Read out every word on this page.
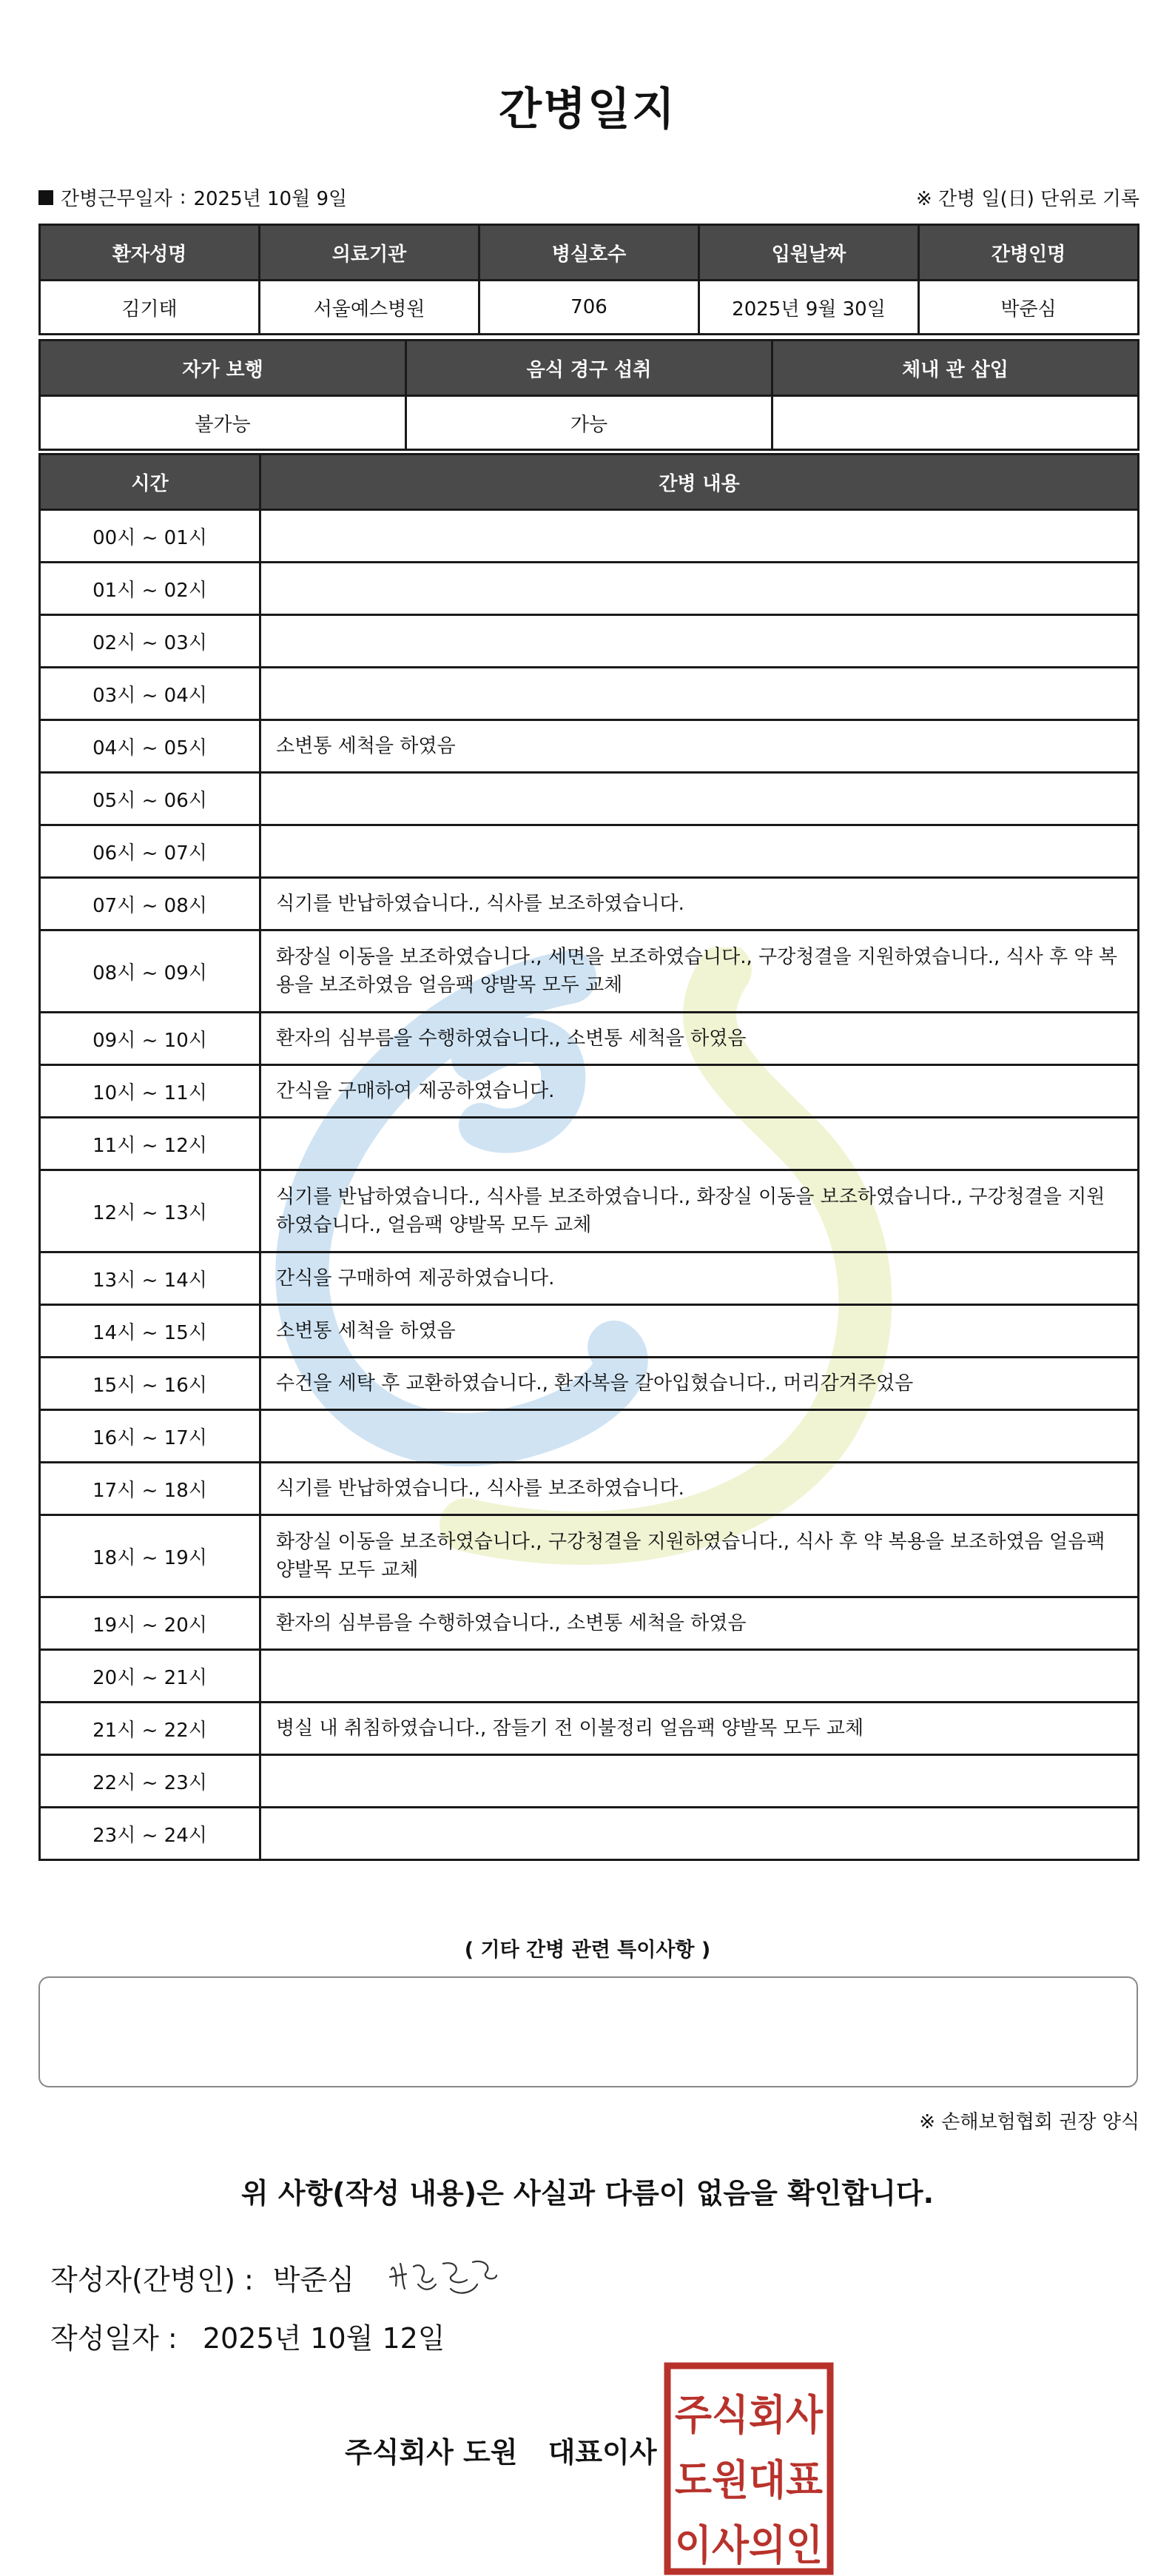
간병일지
간병근무일자 : 2025년 10월 9일	※ 간병 일(日) 단위로 기록
환자성명	의료기관	병실호수	입원날짜	간병인명
김기태	서울예스병원	706	2025년 9월 30일	박준심
자가 보행	음식 경구 섭취	체내 관 삽입
불가능	가능	
시간	간병 내용
00시 ~ 01시	
01시 ~ 02시	
02시 ~ 03시	
03시 ~ 04시	
04시 ~ 05시	소변통 세척을 하였음
05시 ~ 06시	
06시 ~ 07시	
07시 ~ 08시	식기를 반납하였습니다., 식사를 보조하였습니다.
08시 ~ 09시	화장실 이동을 보조하였습니다., 세면을 보조하였습니다., 구강청결을 지원하였습니다., 식사 후 약 복용을 보조하였음 얼음팩 양발목 모두 교체
09시 ~ 10시	환자의 심부름을 수행하였습니다., 소변통 세척을 하였음
10시 ~ 11시	간식을 구매하여 제공하였습니다.
11시 ~ 12시	
12시 ~ 13시	식기를 반납하였습니다., 식사를 보조하였습니다., 화장실 이동을 보조하였습니다., 구강청결을 지원하였습니다., 얼음팩 양발목 모두 교체
13시 ~ 14시	간식을 구매하여 제공하였습니다.
14시 ~ 15시	소변통 세척을 하였음
15시 ~ 16시	수건을 세탁 후 교환하였습니다., 환자복을 갈아입혔습니다., 머리감겨주었음
16시 ~ 17시	
17시 ~ 18시	식기를 반납하였습니다., 식사를 보조하였습니다.
18시 ~ 19시	화장실 이동을 보조하였습니다., 구강청결을 지원하였습니다., 식사 후 약 복용을 보조하였음 얼음팩 양발목 모두 교체
19시 ~ 20시	환자의 심부름을 수행하였습니다., 소변통 세척을 하였음
20시 ~ 21시	
21시 ~ 22시	병실 내 취침하였습니다., 잠들기 전 이불정리 얼음팩 양발목 모두 교체
22시 ~ 23시	
23시 ~ 24시	
( 기타 간병 관련 특이사항 )
※ 손해보험협회 권장 양식
위 사항(작성 내용)은 사실과 다름이 없음을 확인합니다.
작성자(간병인) : 박준심
작성일자 : 2025년 10월 12일
주식회사 도원 대표이사
주식회사
도원대표
이사의인
